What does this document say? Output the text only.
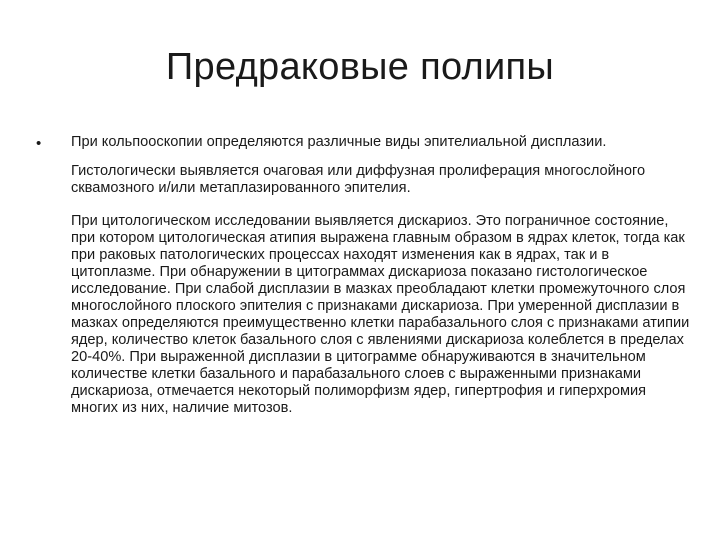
Предраковые полипы
• При кольпооскопии определяются различные виды эпителиальной дисплазии.

Гистологически выявляется очаговая или диффузная пролиферация многослойного сквамозного и/или метаплазированного эпителия.

При цитологическом исследовании выявляется дискариоз. Это пограничное состояние, при котором цитологическая атипия выражена главным образом в ядрах клеток, тогда как при раковых патологических процессах находят изменения как в ядрах, так и в цитоплазме. При обнаружении в цитограммах дискариоза показано гистологическое исследование. При слабой дисплазии в мазках преобладают клетки промежуточного слоя многослойного плоского эпителия с признаками дискариоза. При умеренной дисплазии в мазках определяются преимущественно клетки парабазального слоя с признаками атипии ядер, количество клеток базального слоя с явлениями дискариоза колеблется в пределах 20-40%. При выраженной дисплазии в цитограмме обнаруживаются в значительном количестве клетки базального и парабазального слоев с выраженными признаками дискариоза, отмечается некоторый полиморфизм ядер, гипертрофия и гиперхромия многих из них, наличие митозов.
